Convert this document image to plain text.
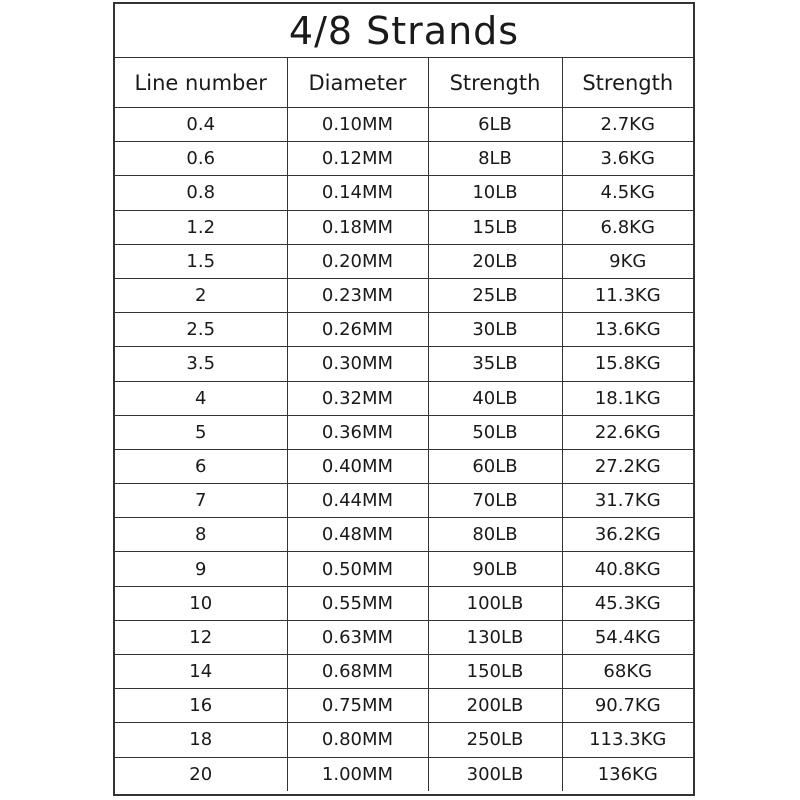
4/8 Strands
Line number	Diameter	Strength	Strength
0.4	0.10MM	6LB	2.7KG
0.6	0.12MM	8LB	3.6KG
0.8	0.14MM	10LB	4.5KG
1.2	0.18MM	15LB	6.8KG
1.5	0.20MM	20LB	9KG
2	0.23MM	25LB	11.3KG
2.5	0.26MM	30LB	13.6KG
3.5	0.30MM	35LB	15.8KG
4	0.32MM	40LB	18.1KG
5	0.36MM	50LB	22.6KG
6	0.40MM	60LB	27.2KG
7	0.44MM	70LB	31.7KG
8	0.48MM	80LB	36.2KG
9	0.50MM	90LB	40.8KG
10	0.55MM	100LB	45.3KG
12	0.63MM	130LB	54.4KG
14	0.68MM	150LB	68KG
16	0.75MM	200LB	90.7KG
18	0.80MM	250LB	113.3KG
20	1.00MM	300LB	136KG
